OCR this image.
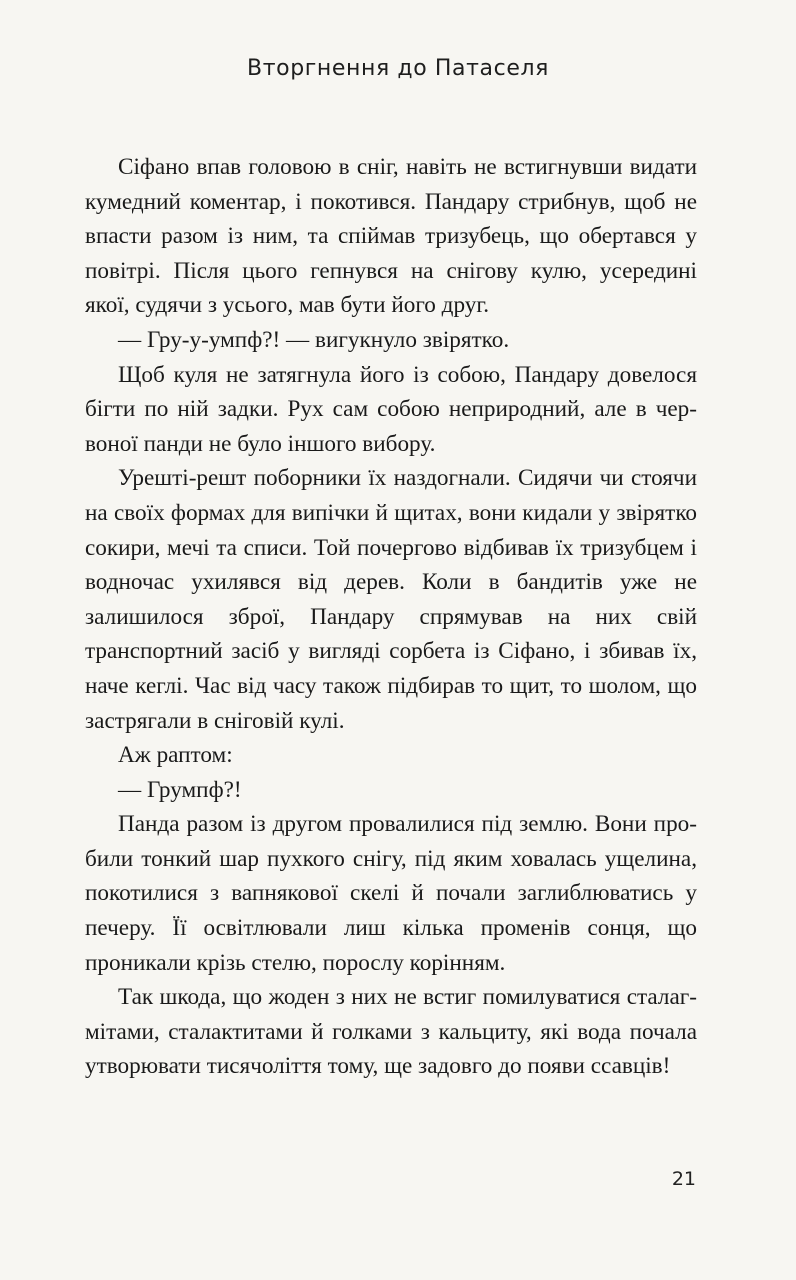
Вторгнення до Патаселя

Сіфано впав головою в сніг, навіть не встигнувши видати кумедний коментар, і покотився. Пандару стрибнув, щоб не впасти разом із ним, та спіймав тризубець, що обертався у повітрі. Після цього гепнувся на снігову кулю, усередині якої, судячи з усього, мав бути його друг.

— Гру-у-умпф?! — вигукнуло звірятко.

Щоб куля не затягнула його із собою, Пандару довелося бігти по ній задки. Рух сам собою неприродний, але в червоної панди не було іншого вибору.

Урешті-решт поборники їх наздогнали. Сидячи чи стоячи на своїх формах для випічки й щитах, вони кидали у звірятко сокири, мечі та списи. Той почергово відбивав їх тризубцем і водночас ухилявся від дерев. Коли в бандитів уже не залишилося зброї, Пандару спрямував на них свій транспортний засіб у вигляді сорбета із Сіфано, і збивав їх, наче кеглі. Час від часу також підбирав то щит, то шолом, що застрягали в сніговій кулі.

Аж раптом:

— Грумпф?!

Панда разом із другом провалилися під землю. Вони пробили тонкий шар пухкого снігу, під яким ховалась ущелина, покотилися з вапнякової скелі й почали заглиблюватись у печеру. Її освітлювали лиш кілька променів сонця, що проникали крізь стелю, порослу корінням.

Так шкода, що жоден з них не встиг помилуватися сталагмітами, сталактитами й голками з кальциту, які вода почала утворювати тисячоліття тому, ще задовго до появи ссавців!

21
